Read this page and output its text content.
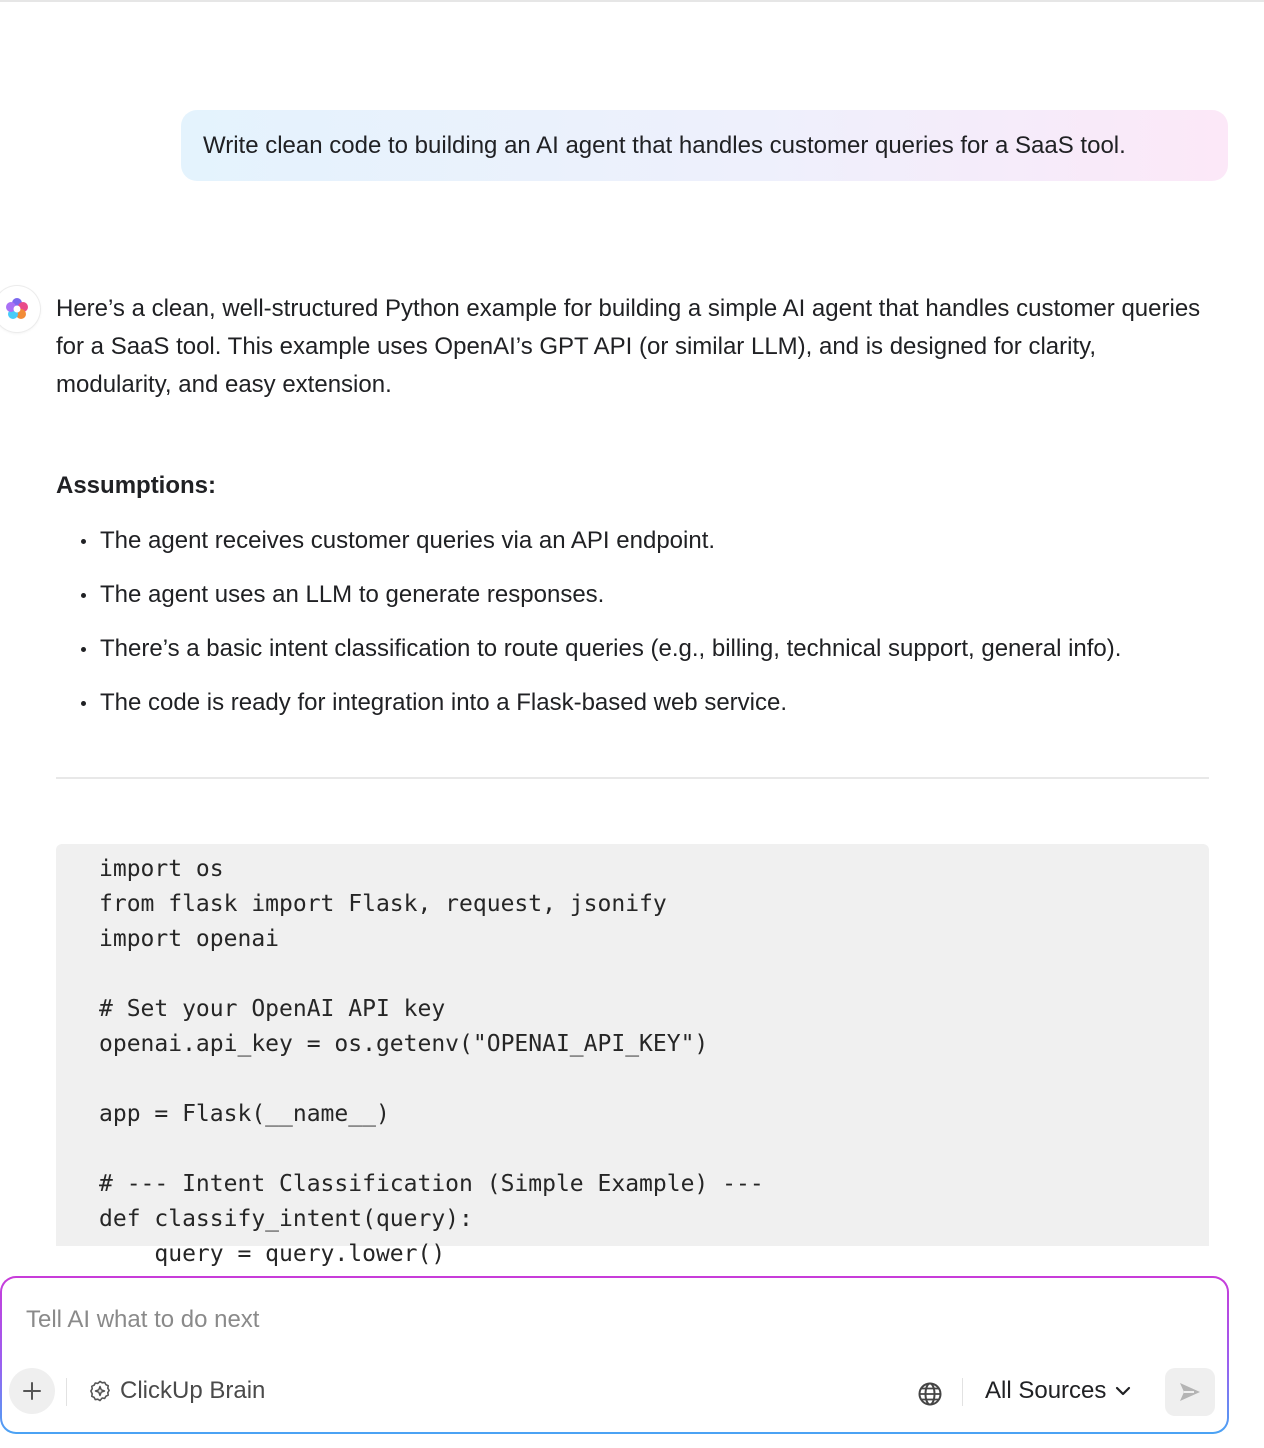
Write clean code to building an AI agent that handles customer queries for a SaaS tool.

Here’s a clean, well-structured Python example for building a simple AI agent that handles customer queries for a SaaS tool. This example uses OpenAI’s GPT API (or similar LLM), and is designed for clarity, modularity, and easy extension.

Assumptions:
The agent receives customer queries via an API endpoint.
The agent uses an LLM to generate responses.
There’s a basic intent classification to route queries (e.g., billing, technical support, general info).
The code is ready for integration into a Flask-based web service.
import os
from flask import Flask, request, jsonify
import openai

# Set your OpenAI API key
openai.api_key = os.getenv("OPENAI_API_KEY")

app = Flask(__name__)

# --- Intent Classification (Simple Example) ---
def classify_intent(query):
query = query.lower()
Tell AI what to do next
ClickUp Brain	All Sources
